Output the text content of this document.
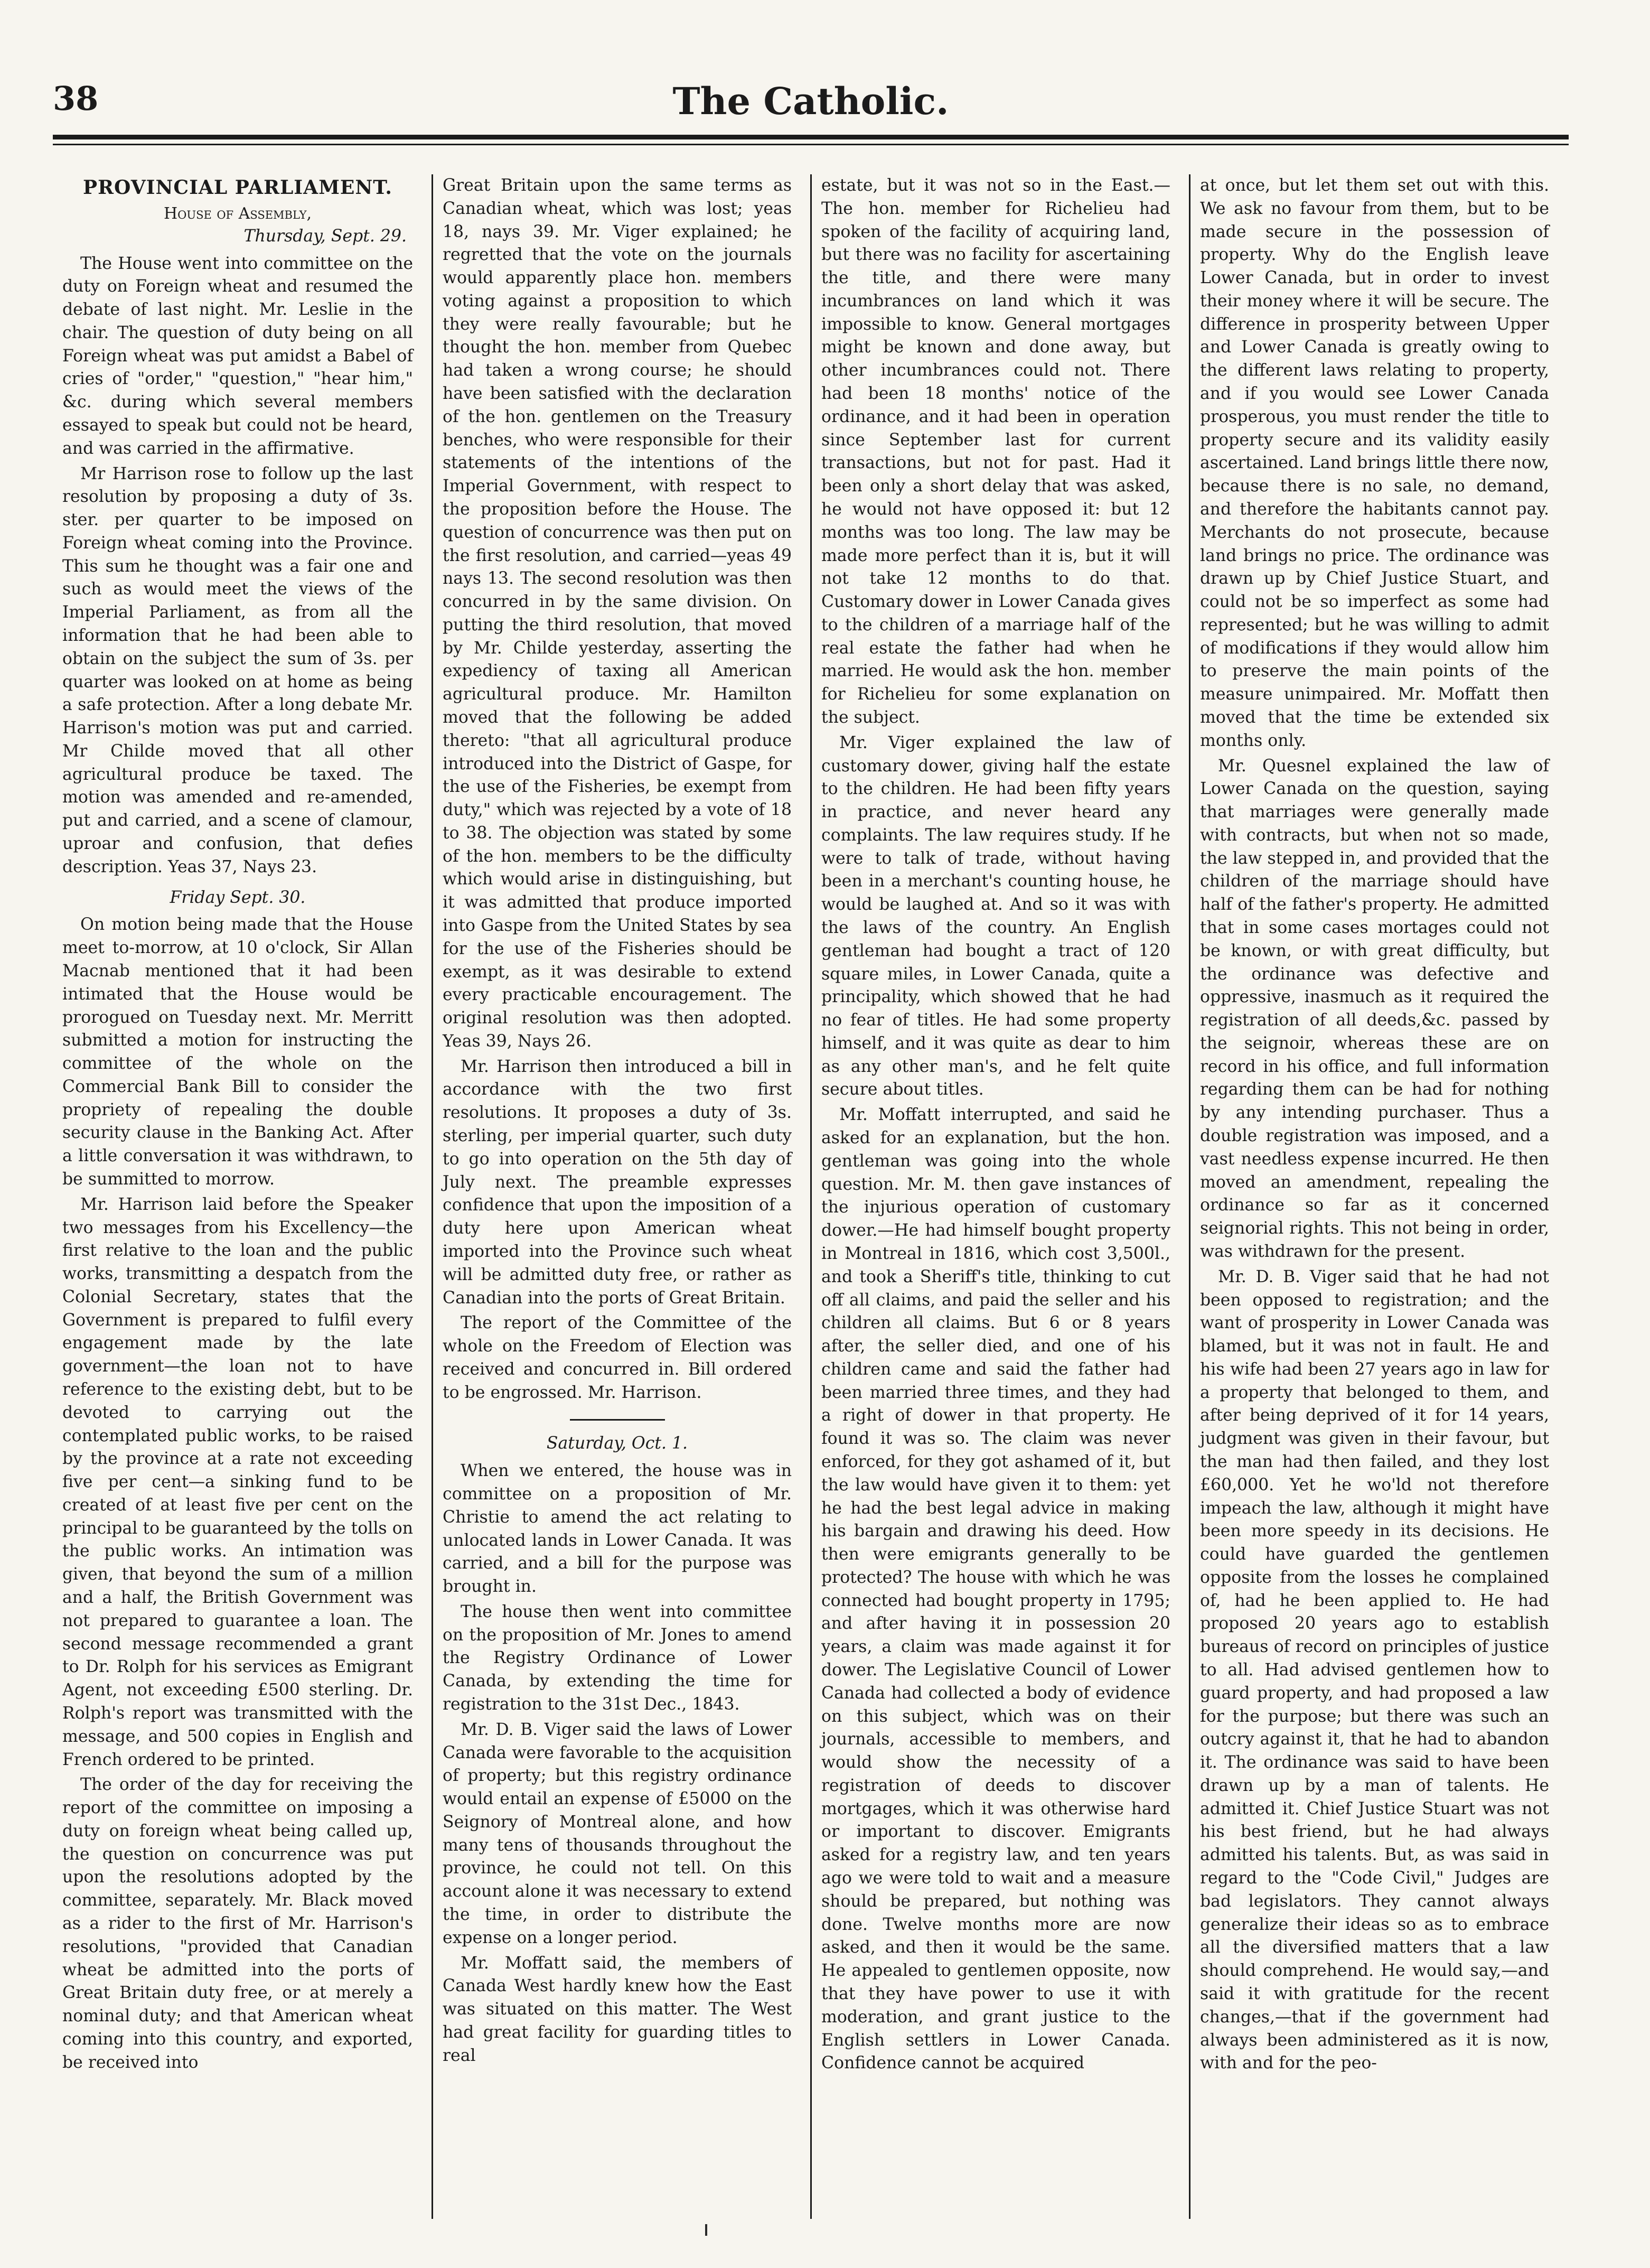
38	The Catholic.
PROVINCIAL PARLIAMENT.
House of Assembly,
Thursday, Sept. 29.

The House went into committee on the duty on Foreign wheat and resumed the debate of last night. Mr. Leslie in the chair. The question of duty being on all Foreign wheat was put amidst a Babel of cries of "order," "question," "hear him," &c. during which several members essayed to speak but could not be heard, and was carried in the affirmative.

Mr Harrison rose to follow up the last resolution by proposing a duty of 3s. ster. per quarter to be imposed on Foreign wheat coming into the Province. This sum he thought was a fair one and such as would meet the views of the Imperial Parliament, as from all the information that he had been able to obtain on the subject the sum of 3s. per quarter was looked on at home as being a safe protection. After a long debate Mr. Harrison's motion was put and carried. Mr Childe moved that all other agricultural produce be taxed. The motion was amended and re-amended, put and carried, and a scene of clamour, uproar and confusion, that defies description. Yeas 37, Nays 23.

Friday Sept. 30.

On motion being made that the House meet to-morrow, at 10 o'clock, Sir Allan Macnab mentioned that it had been intimated that the House would be prorogued on Tuesday next. Mr. Merritt submitted a motion for instructing the committee of the whole on the Commercial Bank Bill to consider the propriety of repealing the double security clause in the Banking Act. After a little conversation it was withdrawn, to be summitted to morrow.

Mr. Harrison laid before the Speaker two messages from his Excellency—the first relative to the loan and the public works, transmitting a despatch from the Colonial Secretary, states that the Government is prepared to fulfil every engagement made by the late government—the loan not to have reference to the existing debt, but to be devoted to carrying out the contemplated public works, to be raised by the province at a rate not exceeding five per cent—a sinking fund to be created of at least five per cent on the principal to be guaranteed by the tolls on the public works. An intimation was given, that beyond the sum of a million and a half, the British Government was not prepared to guarantee a loan. The second message recommended a grant to Dr. Rolph for his services as Emigrant Agent, not exceeding £500 sterling. Dr. Rolph's report was transmitted with the message, and 500 copies in English and French ordered to be printed.

The order of the day for receiving the report of the committee on imposing a duty on foreign wheat being called up, the question on concurrence was put upon the resolutions adopted by the committee, separately. Mr. Black moved as a rider to the first of Mr. Harrison's resolutions, "provided that Canadian wheat be admitted into the ports of Great Britain duty free, or at merely a nominal duty; and that American wheat coming into this country, and exported, be received into

Great Britain upon the same terms as Canadian wheat, which was lost; yeas 18, nays 39. Mr. Viger explained; he regretted that the vote on the journals would apparently place hon. members voting against a proposition to which they were really favourable; but he thought the hon. member from Quebec had taken a wrong course; he should have been satisfied with the declaration of the hon. gentlemen on the Treasury benches, who were responsible for their statements of the intentions of the Imperial Government, with respect to the proposition before the House. The question of concurrence was then put on the first resolution, and carried—yeas 49 nays 13. The second resolution was then concurred in by the same division. On putting the third resolution, that moved by Mr. Childe yesterday, asserting the expediency of taxing all American agricultural produce. Mr. Hamilton moved that the following be added thereto: "that all agricultural produce introduced into the District of Gaspe, for the use of the Fisheries, be exempt from duty," which was rejected by a vote of 18 to 38. The objection was stated by some of the hon. members to be the difficulty which would arise in distinguishing, but it was admitted that produce imported into Gaspe from the United States by sea for the use of the Fisheries should be exempt, as it was desirable to extend every practicable encouragement. The original resolution was then adopted. Yeas 39, Nays 26.

Mr. Harrison then introduced a bill in accordance with the two first resolutions. It proposes a duty of 3s. sterling, per imperial quarter, such duty to go into operation on the 5th day of July next. The preamble expresses confidence that upon the imposition of a duty here upon American wheat imported into the Province such wheat will be admitted duty free, or rather as Canadian into the ports of Great Britain.

The report of the Committee of the whole on the Freedom of Election was received and concurred in. Bill ordered to be engrossed. Mr. Harrison.

Saturday, Oct. 1.

When we entered, the house was in committee on a proposition of Mr. Christie to amend the act relating to unlocated lands in Lower Canada. It was carried, and a bill for the purpose was brought in.

The house then went into committee on the proposition of Mr. Jones to amend the Registry Ordinance of Lower Canada, by extending the time for registration to the 31st Dec., 1843.

Mr. D. B. Viger said the laws of Lower Canada were favorable to the acquisition of property; but this registry ordinance would entail an expense of £5000 on the Seignory of Montreal alone, and how many tens of thousands throughout the province, he could not tell. On this account alone it was necessary to extend the time, in order to distribute the expense on a longer period.

Mr. Moffatt said, the members of Canada West hardly knew how the East was situated on this matter. The West had great facility for guarding titles to real

estate, but it was not so in the East.—The hon. member for Richelieu had spoken of the facility of acquiring land, but there was no facility for ascertaining the title, and there were many incumbrances on land which it was impossible to know. General mortgages might be known and done away, but other incumbrances could not. There had been 18 months' notice of the ordinance, and it had been in operation since September last for current transactions, but not for past. Had it been only a short delay that was asked, he would not have opposed it: but 12 months was too long. The law may be made more perfect than it is, but it will not take 12 months to do that. Customary dower in Lower Canada gives to the children of a marriage half of the real estate the father had when he married. He would ask the hon. member for Richelieu for some explanation on the subject.

Mr. Viger explained the law of customary dower, giving half the estate to the children. He had been fifty years in practice, and never heard any complaints. The law requires study. If he were to talk of trade, without having been in a merchant's counting house, he would be laughed at. And so it was with the laws of the country. An English gentleman had bought a tract of 120 square miles, in Lower Canada, quite a principality, which showed that he had no fear of titles. He had some property himself, and it was quite as dear to him as any other man's, and he felt quite secure about titles.

Mr. Moffatt interrupted, and said he asked for an explanation, but the hon. gentleman was going into the whole question. Mr. M. then gave instances of the injurious operation of customary dower.—He had himself bought property in Montreal in 1816, which cost 3,500l., and took a Sheriff's title, thinking to cut off all claims, and paid the seller and his children all claims. But 6 or 8 years after, the seller died, and one of his children came and said the father had been married three times, and they had a right of dower in that property. He found it was so. The claim was never enforced, for they got ashamed of it, but the law would have given it to them: yet he had the best legal advice in making his bargain and drawing his deed. How then were emigrants generally to be protected? The house with which he was connected had bought property in 1795; and after having it in possession 20 years, a claim was made against it for dower. The Legislative Council of Lower Canada had collected a body of evidence on this subject, which was on their journals, accessible to members, and would show the necessity of a registration of deeds to discover mortgages, which it was otherwise hard or important to discover. Emigrants asked for a registry law, and ten years ago we were told to wait and a measure should be prepared, but nothing was done. Twelve months more are now asked, and then it would be the same. He appealed to gentlemen opposite, now that they have power to use it with moderation, and grant justice to the English settlers in Lower Canada. Confidence cannot be acquired

at once, but let them set out with this. We ask no favour from them, but to be made secure in the possession of property. Why do the English leave Lower Canada, but in order to invest their money where it will be secure. The difference in prosperity between Upper and Lower Canada is greatly owing to the different laws relating to property, and if you would see Lower Canada prosperous, you must render the title to property secure and its validity easily ascertained. Land brings little there now, because there is no sale, no demand, and therefore the habitants cannot pay. Merchants do not prosecute, because land brings no price. The ordinance was drawn up by Chief Justice Stuart, and could not be so imperfect as some had represented; but he was willing to admit of modifications if they would allow him to preserve the main points of the measure unimpaired. Mr. Moffatt then moved that the time be extended six months only.

Mr. Quesnel explained the law of Lower Canada on the question, saying that marriages were generally made with contracts, but when not so made, the law stepped in, and provided that the children of the marriage should have half of the father's property. He admitted that in some cases mortages could not be known, or with great difficulty, but the ordinance was defective and oppressive, inasmuch as it required the registration of all deeds,&c. passed by the seignoir, whereas these are on record in his office, and full information regarding them can be had for nothing by any intending purchaser. Thus a double registration was imposed, and a vast needless expense incurred. He then moved an amendment, repealing the ordinance so far as it concerned seignorial rights. This not being in order, was withdrawn for the present.

Mr. D. B. Viger said that he had not been opposed to registration; and the want of prosperity in Lower Canada was blamed, but it was not in fault. He and his wife had been 27 years ago in law for a property that belonged to them, and after being deprived of it for 14 years, judgment was given in their favour, but the man had then failed, and they lost £60,000. Yet he wo'ld not therefore impeach the law, although it might have been more speedy in its decisions. He could have guarded the gentlemen opposite from the losses he complained of, had he been applied to. He had proposed 20 years ago to establish bureaus of record on principles of justice to all. Had advised gentlemen how to guard property, and had proposed a law for the purpose; but there was such an outcry against it, that he had to abandon it. The ordinance was said to have been drawn up by a man of talents. He admitted it. Chief Justice Stuart was not his best friend, but he had always admitted his talents. But, as was said in regard to the "Code Civil," Judges are bad legislators. They cannot always generalize their ideas so as to embrace all the diversified matters that a law should comprehend. He would say,—and said it with gratitude for the recent changes,—that if the government had always been administered as it is now, with and for the peo-
